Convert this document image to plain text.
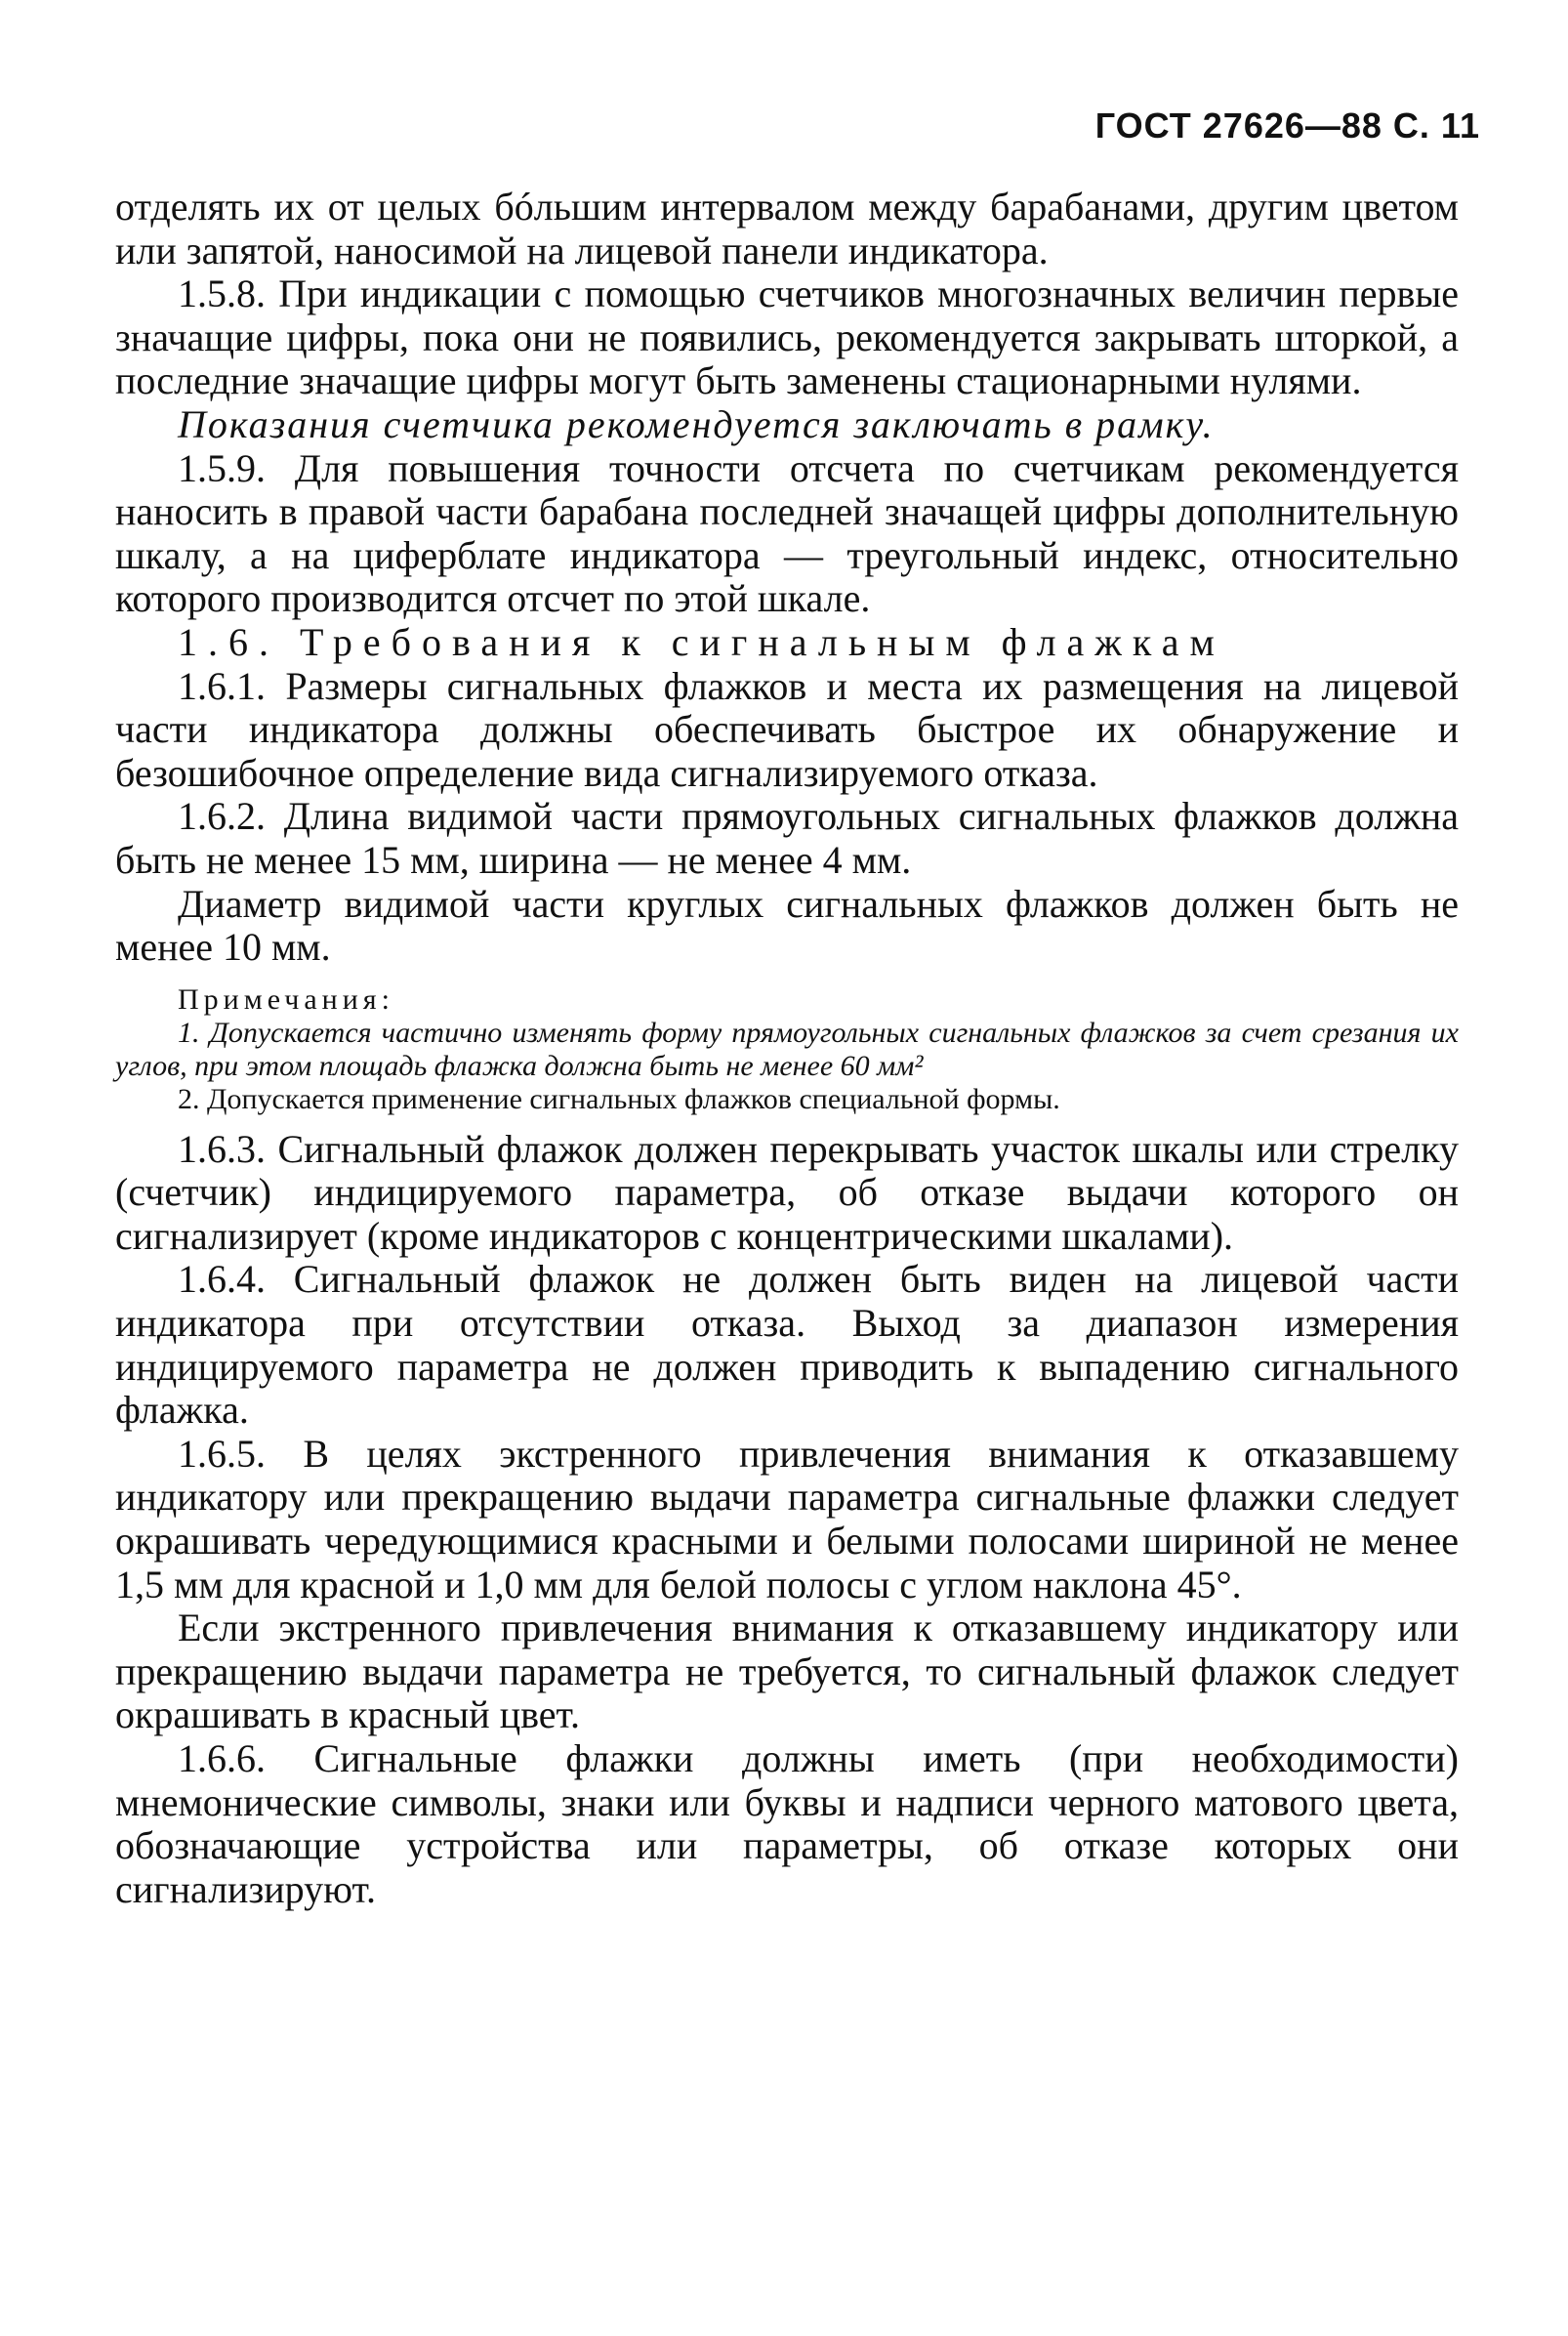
ГОСТ 27626—88 С. 11

отделять их от целых бóльшим интервалом между барабанами, другим цветом или запятой, наносимой на лицевой панели индикатора.

1.5.8. При индикации с помощью счетчиков многозначных величин первые значащие цифры, пока они не появились, рекомендуется закрывать шторкой, а последние значащие цифры могут быть заменены стационарными нулями.

Показания счетчика рекомендуется заключать в рамку.

1.5.9. Для повышения точности отсчета по счетчикам рекомендуется наносить в правой части барабана последней значащей цифры дополнительную шкалу, а на циферблате индикатора — треугольный индекс, относительно которого производится отсчет по этой шкале.

1.6. Требования к сигнальным флажкам

1.6.1. Размеры сигнальных флажков и места их размещения на лицевой части индикатора должны обеспечивать быстрое их обнаружение и безошибочное определение вида сигнализируемого отказа.

1.6.2. Длина видимой части прямоугольных сигнальных флажков должна быть не менее 15 мм, ширина — не менее 4 мм.

Диаметр видимой части круглых сигнальных флажков должен быть не менее 10 мм.

Примечания:

1. Допускается частично изменять форму прямоугольных сигнальных флажков за счет срезания их углов, при этом площадь флажка должна быть не менее 60 мм²

2. Допускается применение сигнальных флажков специальной формы.

1.6.3. Сигнальный флажок должен перекрывать участок шкалы или стрелку (счетчик) индицируемого параметра, об отказе выдачи которого он сигнализирует (кроме индикаторов с концентрическими шкалами).

1.6.4. Сигнальный флажок не должен быть виден на лицевой части индикатора при отсутствии отказа. Выход за диапазон измерения индицируемого параметра не должен приводить к выпадению сигнального флажка.

1.6.5. В целях экстренного привлечения внимания к отказавшему индикатору или прекращению выдачи параметра сигнальные флажки следует окрашивать чередующимися красными и белыми полосами шириной не менее 1,5 мм для красной и 1,0 мм для белой полосы с углом наклона 45°.

Если экстренного привлечения внимания к отказавшему индикатору или прекращению выдачи параметра не требуется, то сигнальный флажок следует окрашивать в красный цвет.

1.6.6. Сигнальные флажки должны иметь (при необходимости) мнемонические символы, знаки или буквы и надписи черного матового цвета, обозначающие устройства или параметры, об отказе которых они сигнализируют.
